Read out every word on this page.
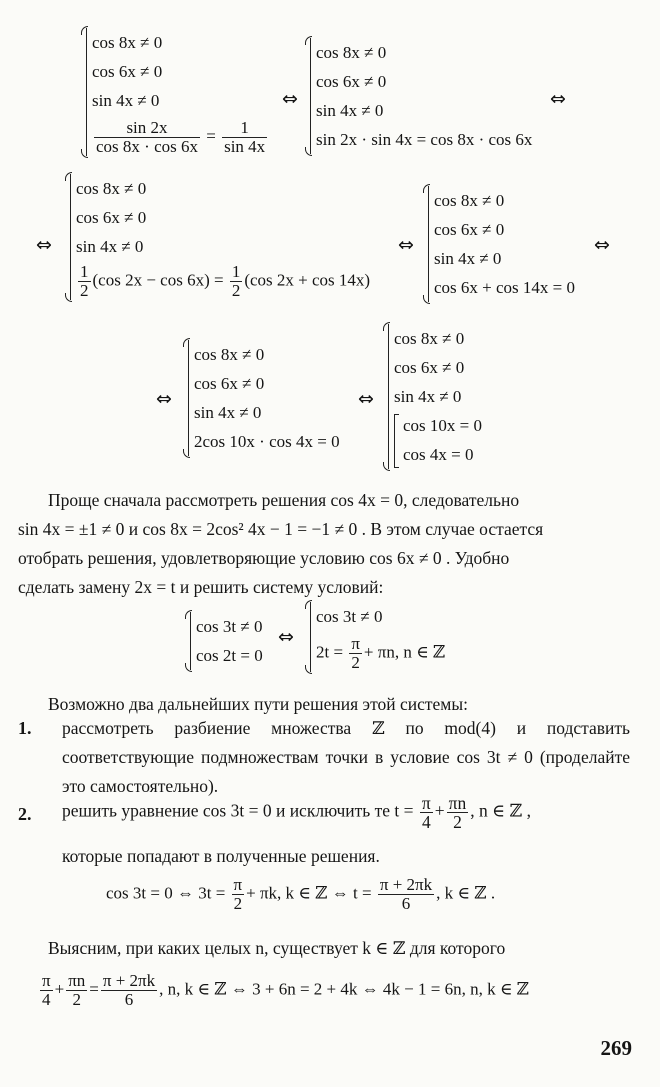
cos 8x ≠ 0
cos 6x ≠ 0
sin 4x ≠ 0
$\frac{\sin 2x}{\cos 8x \cdot \cos 6x} = \frac{1}{\sin 4x}$
⇔
cos 8x ≠ 0
cos 6x ≠ 0
sin 4x ≠ 0
sin 2x · sin 4x = cos 8x · cos 6x
⇔
⇔
cos 8x ≠ 0
cos 6x ≠ 0
sin 4x ≠ 0
$\frac{1}{2} (\cos$ $2x - \cos 6x) = \frac{1}{2} (\cos$ 2x + cos 14x)
⇔
cos 8x ≠ 0
cos 6x ≠ 0
sin 4x ≠ 0
cos 6x + cos 14x = 0
⇔
⇔
cos 8x ≠ 0
cos 6x ≠ 0
sin 4x ≠ 0
2cos 10x · cos 4x = 0
⇔
cos 8x ≠ 0
cos 6x ≠ 0
sin 4x ≠ 0
cos 10x = 0
cos 4x = 0
Проще сначала рассмотреть решения cos 4x = 0, следовательно
sin 4x = ±1 ≠ 0 и cos 8x = 2cos² 4x − 1 = −1 ≠ 0 . В этом случае остается
отобрать решения, удовлетворяющие условию cos 6x ≠ 0 . Удобно
сделать замену 2x = t и решить систему условий:
cos 3t ≠ 0
cos 2t = 0
⇔
cos 3t ≠ 0
$2t = \frac{\pi}{2} + \pi n$, n ∈ ℤ
Возможно два дальнейших пути решения этой системы:
1. рассмотреть разбиение множества ℤ по mod(4) и подставить соответствующие подмножествам точки в условие cos 3t ≠ 0 (проделайте это самостоятельно).
2. решить уравнение cos 3t = 0 и исключить те $t = \frac{\pi}{4} + \frac{\pi n}{2}$ , n ∈ ℤ ,
которые попадают в полученные решения.
cos 3t = 0 ⇔ $3t = \frac{\pi}{2} + \pi k$, k ∈ ℤ ⇔ $t = \frac{\pi + 2\pi k}{6}$ , k ∈ ℤ .
Выясним, при каких целых n, существует k ∈ ℤ для которого
$\frac{\pi}{4} + \frac{\pi n}{2} = \frac{\pi + 2\pi k}{6}$ , n, k ∈ ℤ ⇔ 3 + 6n = 2 + 4k ⇔ 4k − 1 = 6n, n, k ∈ ℤ
269
